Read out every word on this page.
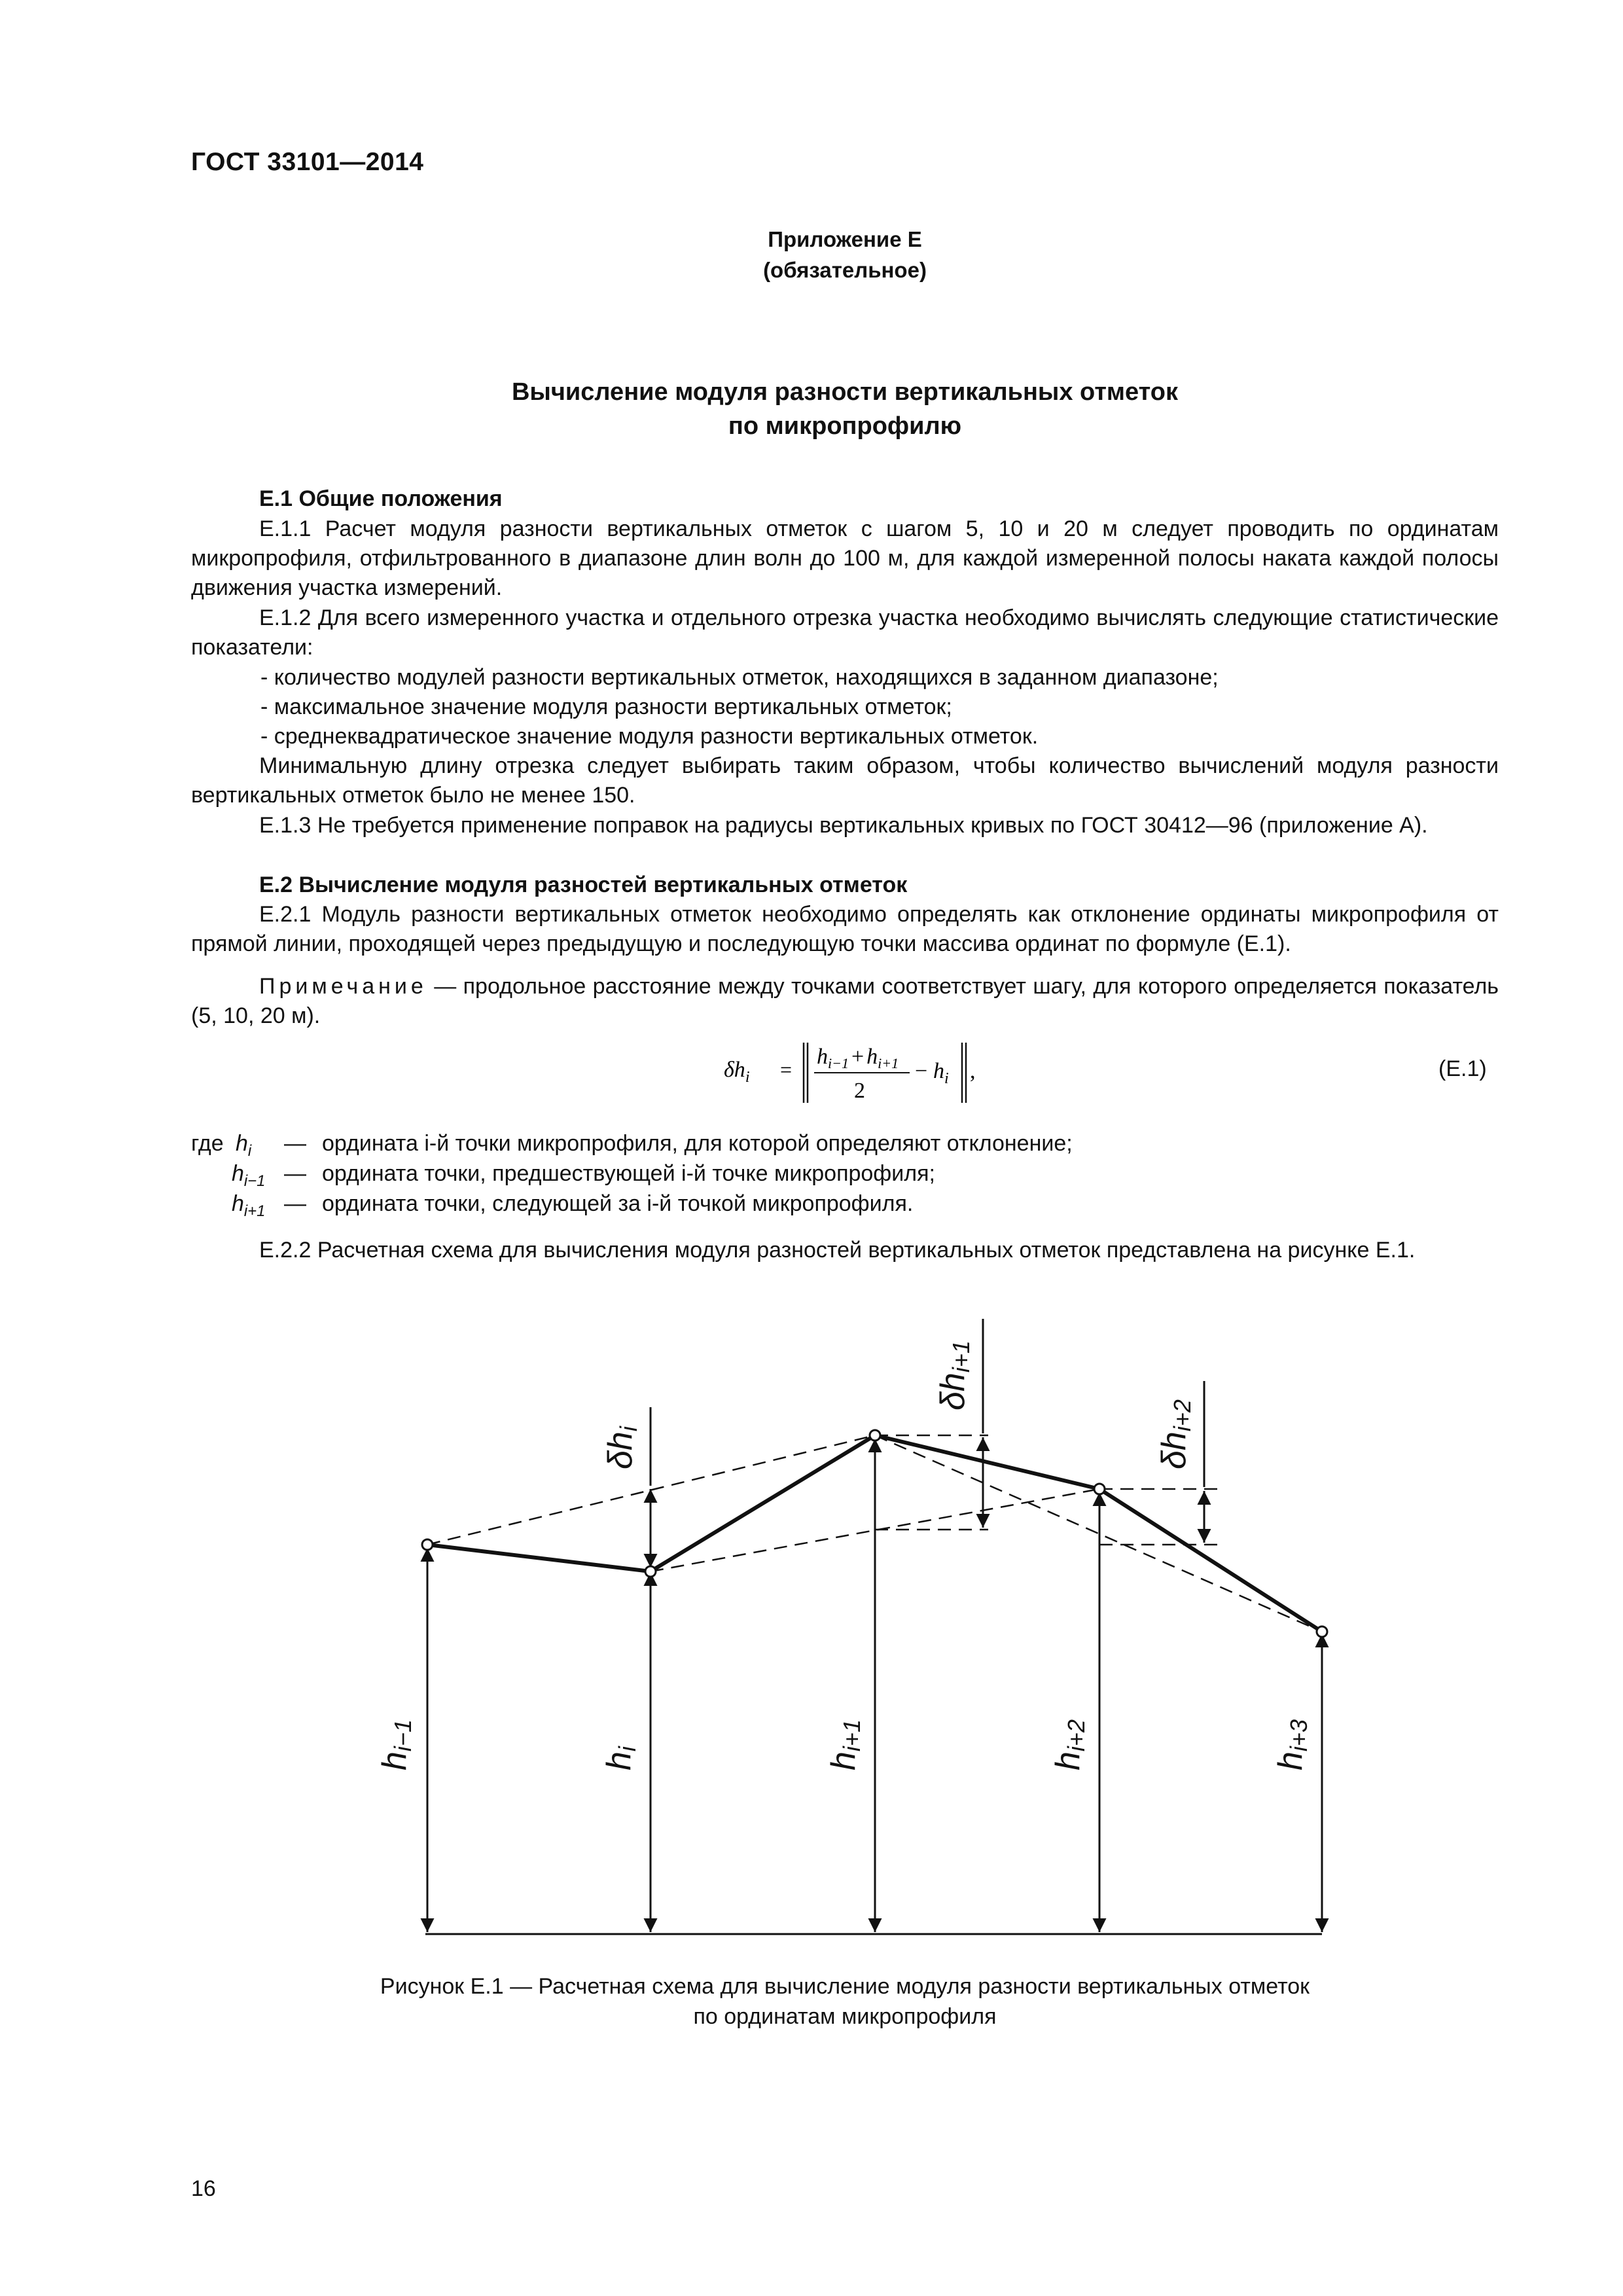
ГОСТ 33101—2014
Приложение Е
(обязательное)
Вычисление модуля разности вертикальных отметок
по микропрофилю
Е.1 Общие положения
Е.1.1 Расчет модуля разности вертикальных отметок с шагом 5, 10 и 20 м следует проводить по ординатам микропрофиля, отфильтрованного в диапазоне длин волн до 100 м, для каждой измеренной полосы наката каждой полосы движения участка измерений.
Е.1.2 Для всего измеренного участка и отдельного отрезка участка необходимо вычислять следующие статистические показатели:
- количество модулей разности вертикальных отметок, находящихся в заданном диапазоне;
- максимальное значение модуля разности вертикальных отметок;
- среднеквадратическое значение модуля разности вертикальных отметок.
Минимальную длину отрезка следует выбирать таким образом, чтобы количество вычислений модуля разности вертикальных отметок было не менее 150.
Е.1.3 Не требуется применение поправок на радиусы вертикальных кривых по ГОСТ 30412—96 (приложение А).
Е.2 Вычисление модуля разностей вертикальных отметок
Е.2.1 Модуль разности вертикальных отметок необходимо определять как отклонение ординаты микропрофиля от прямой линии, проходящей через предыдущую и последующую точки массива ординат по формуле (Е.1).
Примечание — продольное расстояние между точками соответствует шагу, для которого определяется показатель (5, 10, 20 м).
$\delta h_i$ =
$h_{i-1} + h_{i+1}$
2
− $h_i$ ,	(Е.1)
где $h_i$ — ордината i-й точки микропрофиля, для которой определяют отклонение;
$h_{i-1}$ — ордината точки, предшествующей i-й точке микропрофиля;
$h_{i+1}$ — ордината точки, следующей за i-й точкой микропрофиля.
Е.2.2 Расчетная схема для вычисления модуля разностей вертикальных отметок представлена на рисунке Е.1.
hi−1
hi
hi+1
hi+2
hi+3
δhi
δhi+1
δhi+2
Рисунок Е.1 — Расчетная схема для вычисление модуля разности вертикальных отметок
по ординатам микропрофиля
16
